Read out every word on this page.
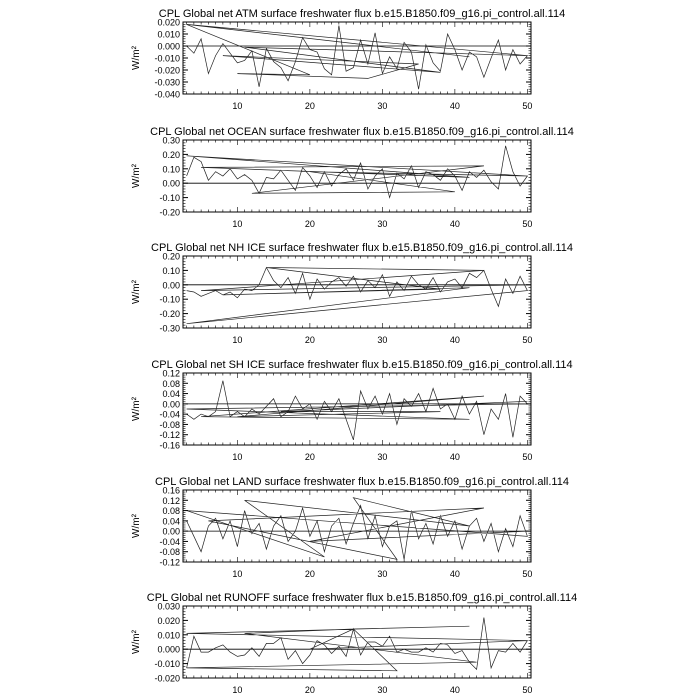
CPL Global net ATM surface freshwater flux b.e15.B1850.f09_g16.pi_control.all.114
W/m²
-0.040
-0.030
-0.020
-0.010
0.000
0.010
0.020
10	20	30	40	50
CPL Global net OCEAN surface freshwater flux b.e15.B1850.f09_g16.pi_control.all.114
W/m²
-0.20
-0.10
0.00
0.10
0.20
0.30
10	20	30	40	50
CPL Global net NH ICE surface freshwater flux b.e15.B1850.f09_g16.pi_control.all.114
W/m²
-0.30
-0.20
-0.10
0.00
0.10
0.20
10	20	30	40	50
CPL Global net SH ICE surface freshwater flux b.e15.B1850.f09_g16.pi_control.all.114
W/m²
-0.16
-0.12
-0.08
-0.04
0.00
0.04
0.08
0.12
10	20	30	40	50
CPL Global net LAND surface freshwater flux b.e15.B1850.f09_g16.pi_control.all.114
W/m²
-0.12
-0.08
-0.04
0.00
0.04
0.08
0.12
0.16
10	20	30	40	50
CPL Global net RUNOFF surface freshwater flux b.e15.B1850.f09_g16.pi_control.all.114
W/m²
-0.020
-0.010
0.000
0.010
0.020
0.030
10	20	30	40	50
